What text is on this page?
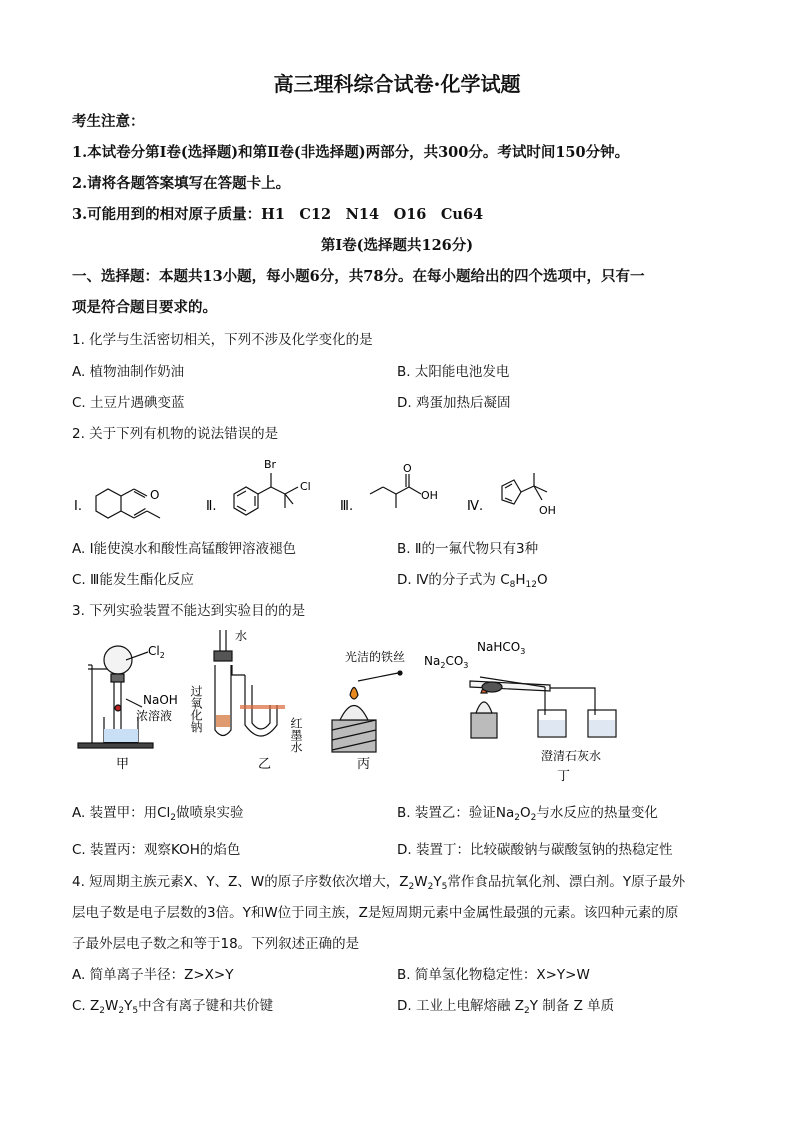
高三理科综合试卷·化学试题
考生注意：
1.本试卷分第Ⅰ卷(选择题)和第Ⅱ卷(非选择题)两部分，共300分。考试时间150分钟。
2.请将各题答案填写在答题卡上。
3.可能用到的相对原子质量：H1　C12　N14　O16　Cu64
第Ⅰ卷(选择题共126分)
一、选择题：本题共13小题，每小题6分，共78分。在每小题给出的四个选项中，只有一
项是符合题目要求的。
1. 化学与生活密切相关，下列不涉及化学变化的是
A. 植物油制作奶油	B. 太阳能电池发电
C. 土豆片遇碘变蓝	D. 鸡蛋加热后凝固
2. 关于下列有机物的说法错误的是
Ⅰ.
O
Ⅱ.
Br
Cl
Ⅲ.
O
OH
Ⅳ.	OH
A. Ⅰ能使溴水和酸性高锰酸钾溶液褪色	B. Ⅱ的一氟代物只有3种
C. Ⅲ能发生酯化反应	D. Ⅳ的分子式为 $C_8H_{12}O$
3. 下列实验装置不能达到实验目的的是
$Cl_2$
NaOH
浓溶液
甲
水
过氧化钠
红墨水
乙
光洁的铁丝
丙
NaHCO$_3$
$Na_2CO_3$
澄清石灰水
丁
A. 装置甲：用$Cl_2$做喷泉实验	B. 装置乙：验证$Na_2O_2$与水反应的热量变化
C. 装置丙：观察KOH的焰色	D. 装置丁：比较碳酸钠与碳酸氢钠的热稳定性
4. 短周期主族元素X、Y、Z、W的原子序数依次增大，$Z_2W_2Y_5$常作食品抗氧化剂、漂白剂。Y原子最外
层电子数是电子层数的3倍。Y和W位于同主族，Z是短周期元素中金属性最强的元素。该四种元素的原
子最外层电子数之和等于18。下列叙述正确的是
A. 简单离子半径：Z>X>Y	B. 简单氢化物稳定性：X>Y>W
C. $Z_2W_2Y_5$中含有离子键和共价键	D. 工业上电解熔融 $Z_2Y$ 制备 Z 单质
